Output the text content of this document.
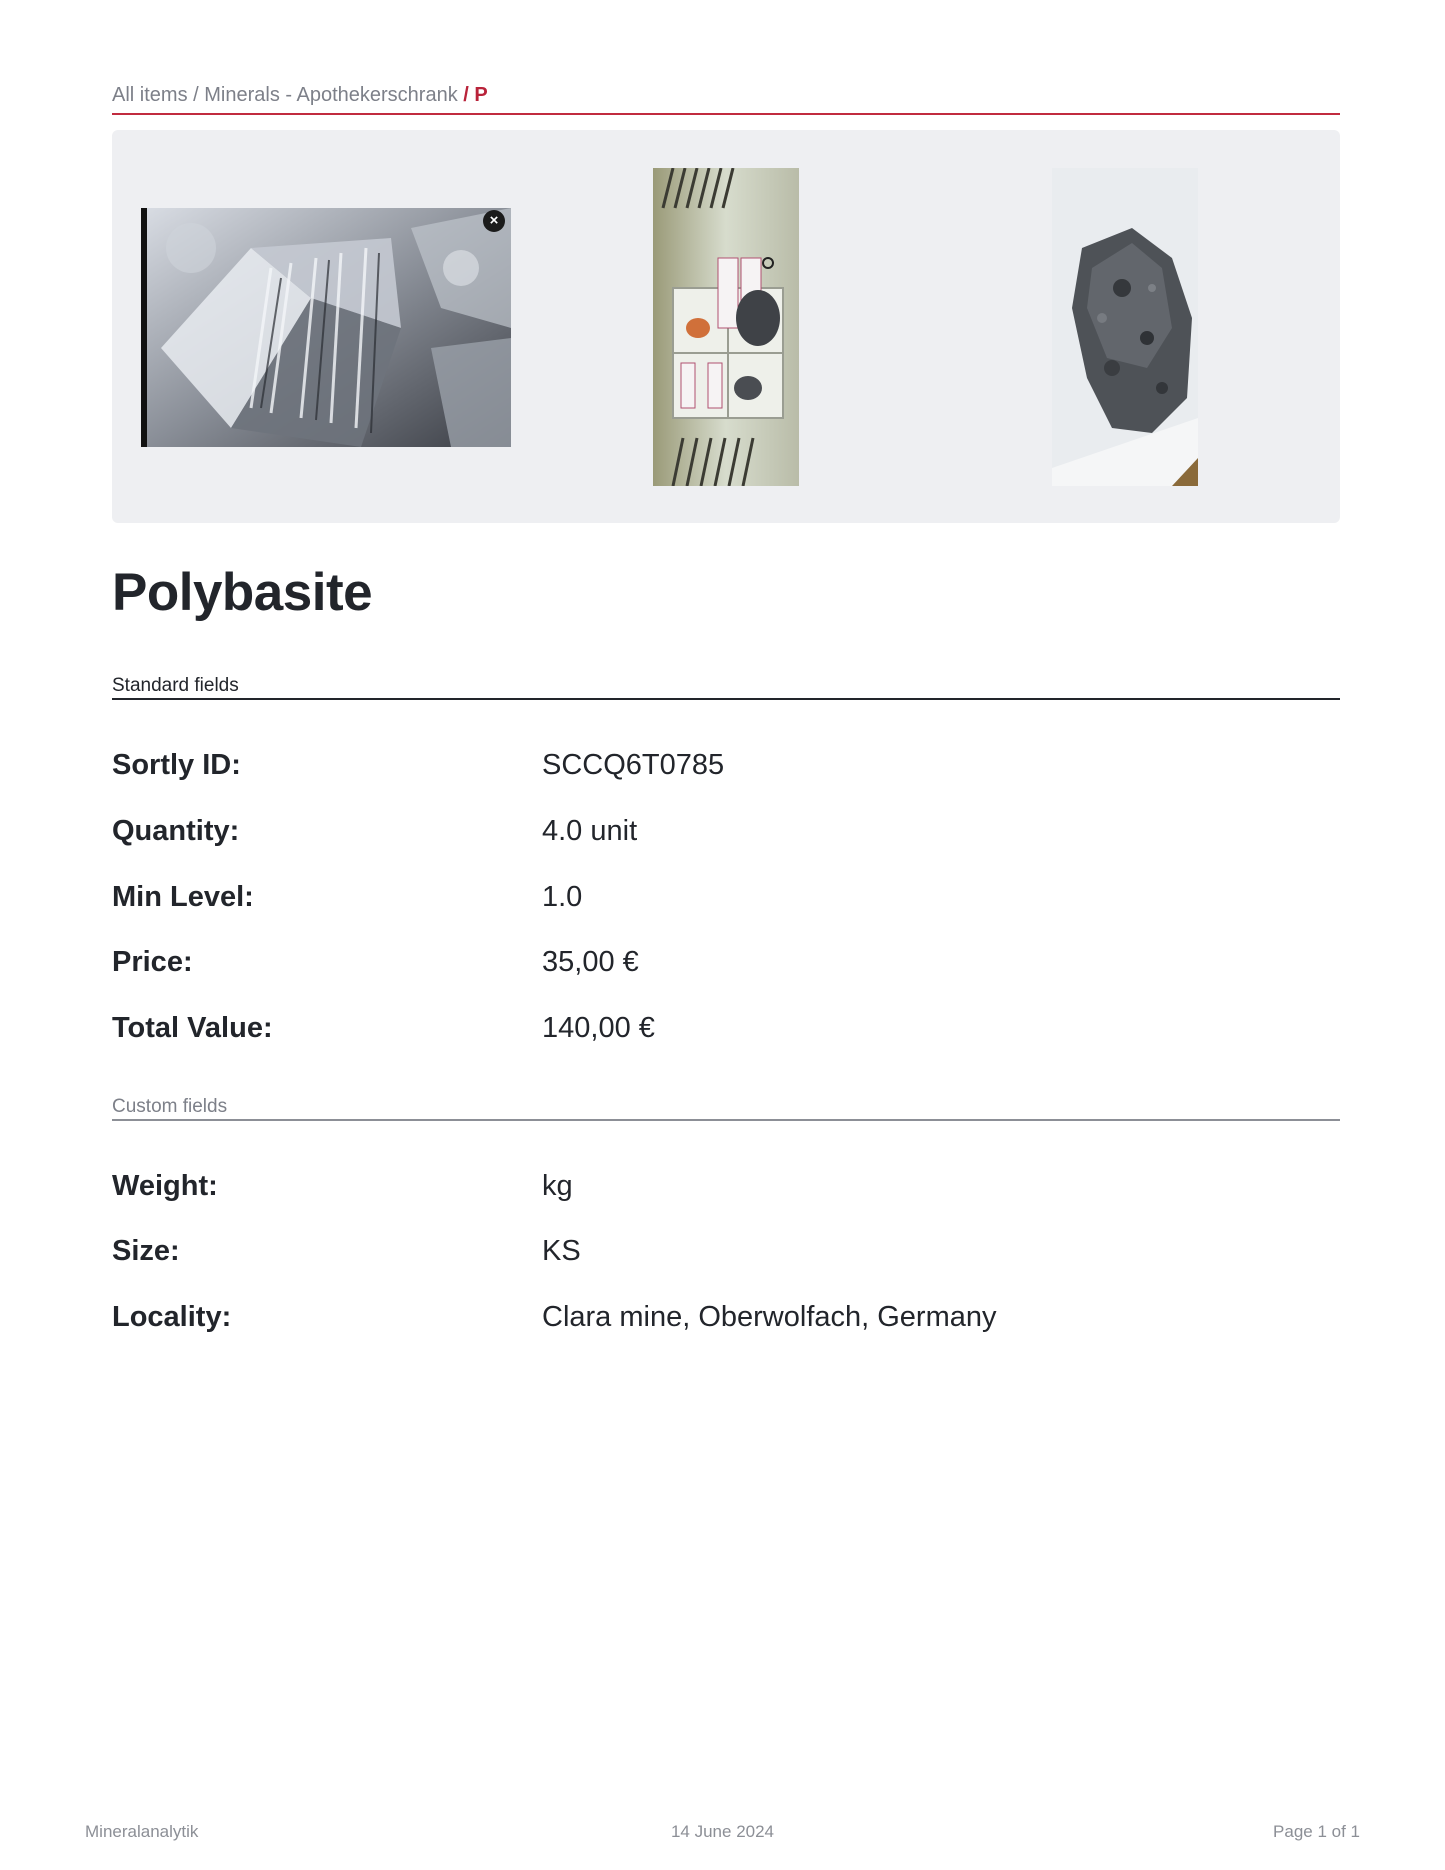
All items / Minerals - Apothekerschrank / P
×
Polybasite
Standard fields
Sortly ID:	SCCQ6T0785
Quantity:	4.0 unit
Min Level:	1.0
Price:	35,00 €
Total Value:	140,00 €
Custom fields
Weight:	kg
Size:	KS
Locality:	Clara mine, Oberwolfach, Germany
Mineralanalytik	14 June 2024	Page 1 of 1
